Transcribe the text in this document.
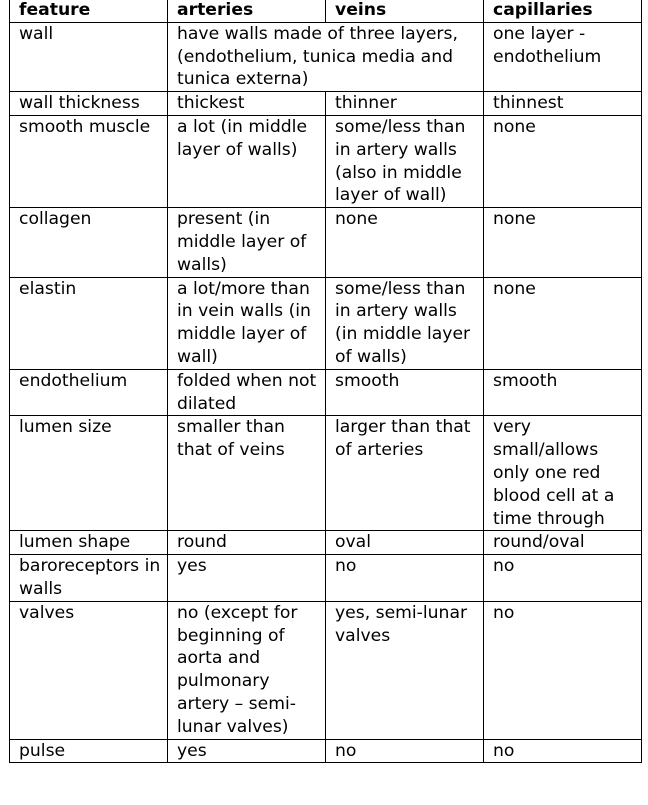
feature	arteries	veins	capillaries
wall	have walls made of three layers, (endothelium, tunica media and tunica externa)		one layer - endothelium
wall thickness	thickest	thinner	thinnest
smooth muscle	a lot (in middle layer of walls)	some/less than in artery walls (also in middle layer of wall)	none
collagen	present (in middle layer of walls)	none	none
elastin	a lot/more than in vein walls (in middle layer of wall)	some/less than in artery walls (in middle layer of walls)	none
endothelium	folded when not dilated	smooth	smooth
lumen size	smaller than that of veins	larger than that of arteries	very small/allows only one red blood cell at a time through
lumen shape	round	oval	round/oval
baroreceptors in walls	yes	no	no
valves	no (except for beginning of aorta and pulmonary artery – semi-lunar valves)	yes, semi-lunar valves	no
pulse	yes	no	no
